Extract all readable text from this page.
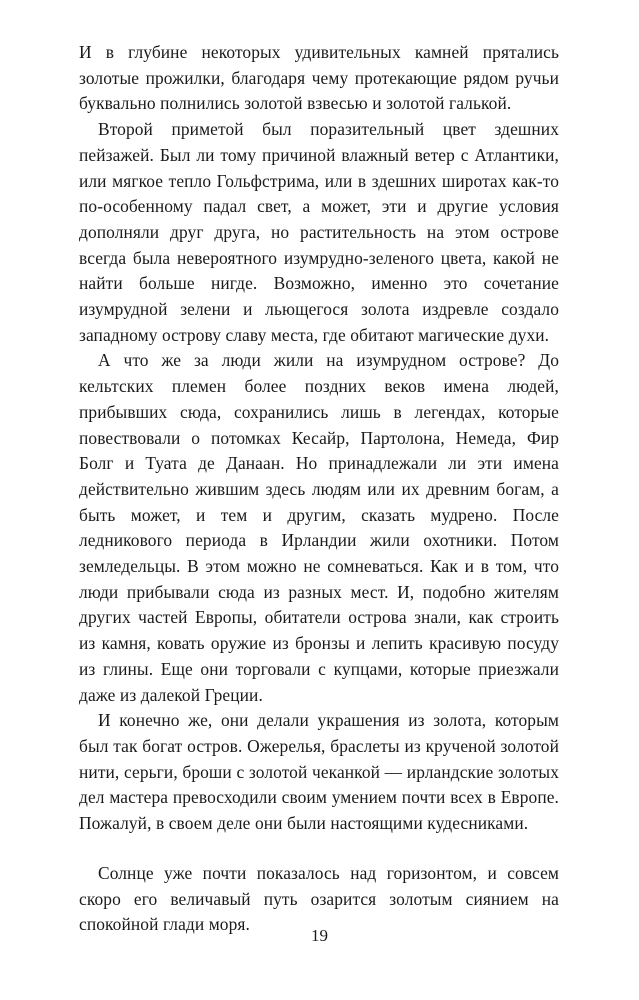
И в глубине некоторых удивительных камней прятались золотые прожилки, благодаря чему протекающие рядом ручьи буквально полнились золотой взвесью и золотой галькой.

Второй приметой был поразительный цвет здешних пейзажей. Был ли тому причиной влажный ветер с Атлантики, или мягкое тепло Гольфстрима, или в здешних широтах как-то по-особенному падал свет, а может, эти и другие условия дополняли друг друга, но растительность на этом острове всегда была невероятного изумрудно-зеленого цвета, какой не найти больше нигде. Возможно, именно это сочетание изумрудной зелени и льющегося золота издревле создало западному острову славу места, где обитают магические духи.

А что же за люди жили на изумрудном острове? До кельтских племен более поздних веков имена людей, прибывших сюда, сохранились лишь в легендах, которые повествовали о потомках Кесайр, Партолона, Немеда, Фир Болг и Туата де Данаан. Но принадлежали ли эти имена действительно жившим здесь людям или их древним богам, а быть может, и тем и другим, сказать мудрено. После ледникового периода в Ирландии жили охотники. Потом земледельцы. В этом можно не сомневаться. Как и в том, что люди прибывали сюда из разных мест. И, подобно жителям других частей Европы, обитатели острова знали, как строить из камня, ковать оружие из бронзы и лепить красивую посуду из глины. Еще они торговали с купцами, которые приезжали даже из далекой Греции.

И конечно же, они делали украшения из золота, которым был так богат остров. Ожерелья, браслеты из крученой золотой нити, серьги, броши с золотой чеканкой — ирландские золотых дел мастера превосходили своим умением почти всех в Европе. Пожалуй, в своем деле они были настоящими кудесниками.

Солнце уже почти показалось над горизонтом, и совсем скоро его величавый путь озарится золотым сиянием на спокойной глади моря.

19
